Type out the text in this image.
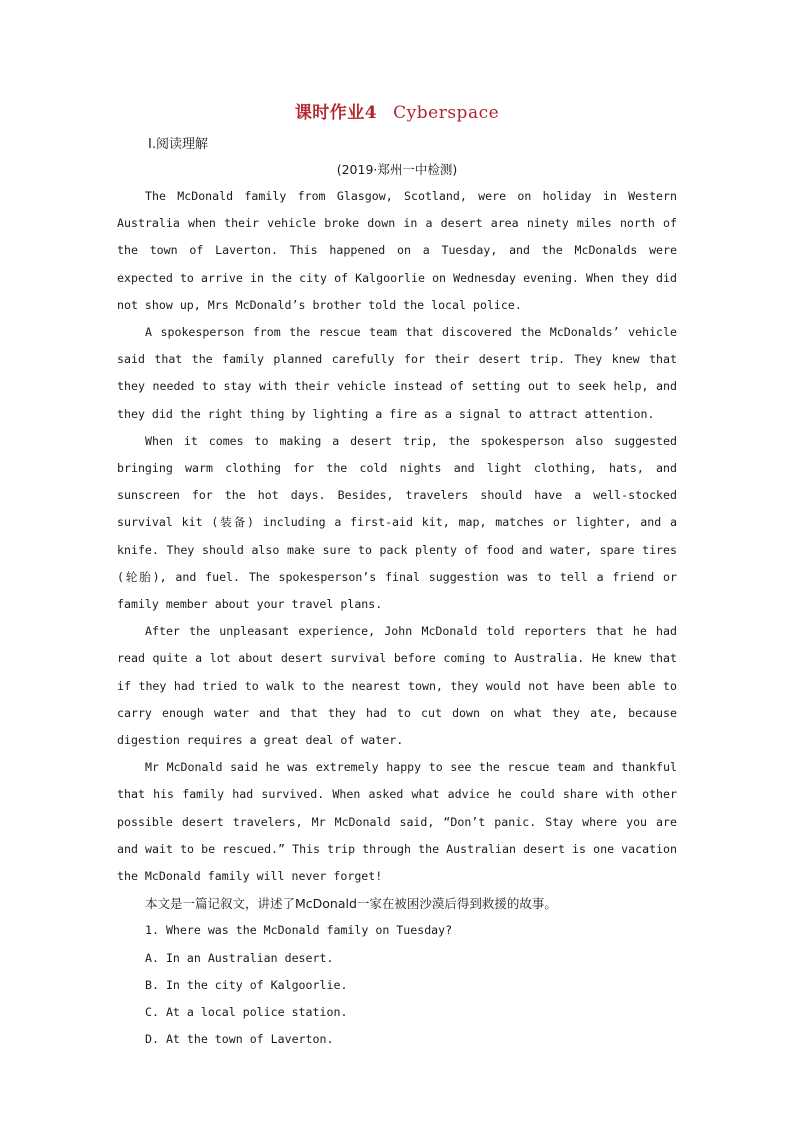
课时作业4 Cyberspace
Ⅰ.阅读理解
(2019·郑州一中检测)

The McDonald family from Glasgow, Scotland, were on holiday in Western Australia when their vehicle broke down in a desert area ninety miles north of the town of Laverton. This happened on a Tuesday, and the McDonalds were expected to arrive in the city of Kalgoorlie on Wednesday evening. When they did not show up, Mrs McDonald’s brother told the local police.

A spokesperson from the rescue team that discovered the McDonalds’ vehicle said that the family planned carefully for their desert trip. They knew that they needed to stay with their vehicle instead of setting out to seek help, and they did the right thing by lighting a fire as a signal to attract attention.

When it comes to making a desert trip, the spokesperson also suggested bringing warm clothing for the cold nights and light clothing, hats, and sunscreen for the hot days. Besides, travelers should have a well-stocked survival kit (装备) including a first-aid kit, map, matches or lighter, and a knife. They should also make sure to pack plenty of food and water, spare tires (轮胎), and fuel. The spokesperson’s final suggestion was to tell a friend or family member about your travel plans.

After the unpleasant experience, John McDonald told reporters that he had read quite a lot about desert survival before coming to Australia. He knew that if they had tried to walk to the nearest town, they would not have been able to carry enough water and that they had to cut down on what they ate, because digestion requires a great deal of water.

Mr McDonald said he was extremely happy to see the rescue team and thankful that his family had survived. When asked what advice he could share with other possible desert travelers, Mr McDonald said, “Don’t panic. Stay where you are and wait to be rescued.” This trip through the Australian desert is one vacation the McDonald family will never forget!

本文是一篇记叙文，讲述了McDonald一家在被困沙漠后得到救援的故事。

1. Where was the McDonald family on Tuesday?

A. In an Australian desert.

B. In the city of Kalgoorlie.

C. At a local police station.

D. At the town of Laverton.
